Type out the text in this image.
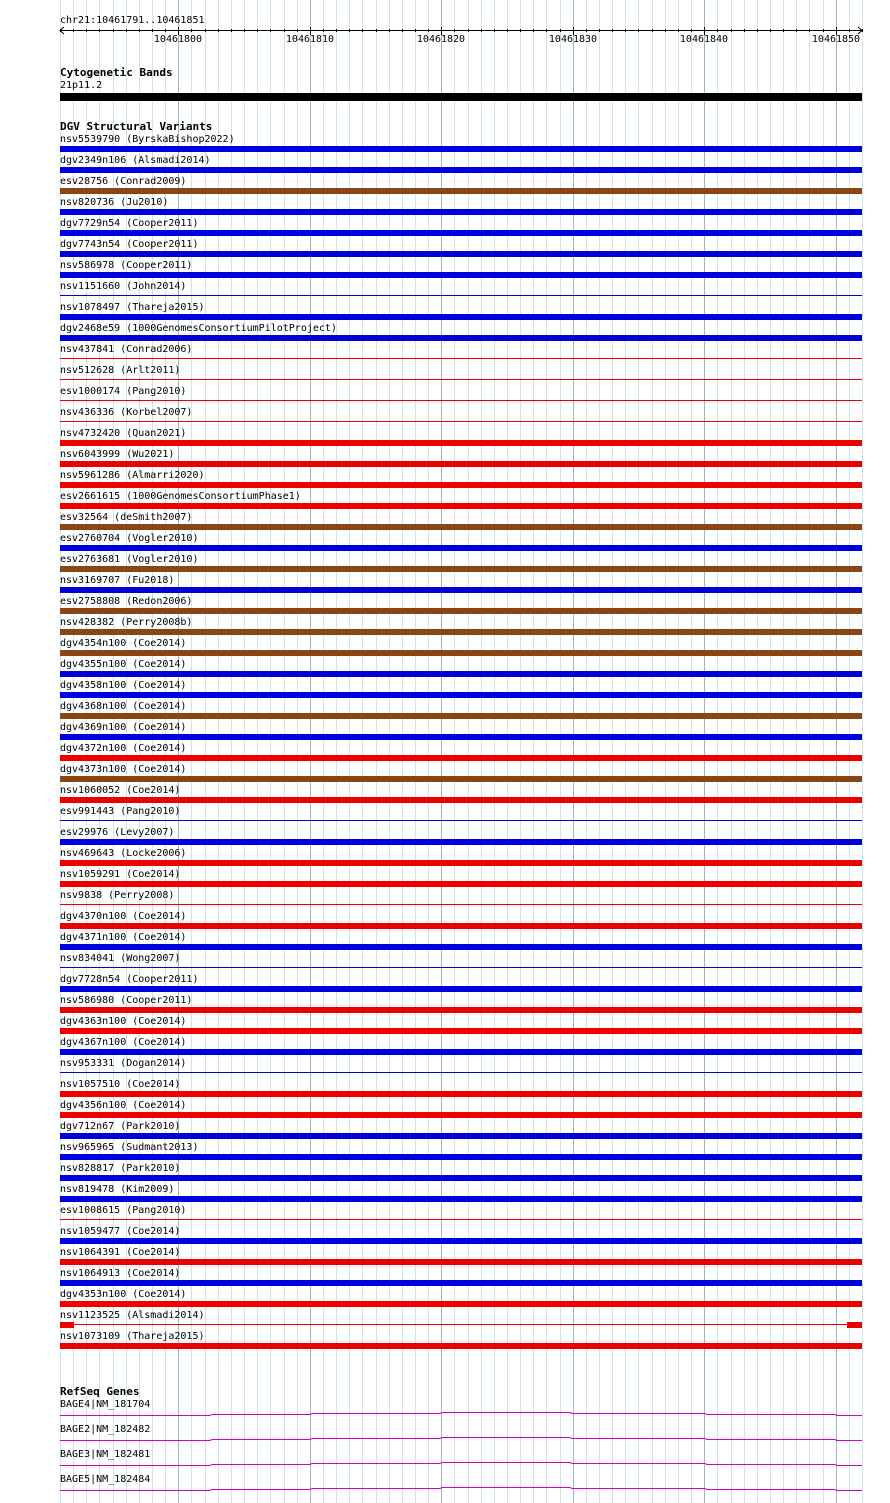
chr21:10461791..10461851
10461800	10461810	10461820	10461830	10461840	10461850
Cytogenetic Bands
21p11.2
DGV Structural Variants
nsv5539790 (ByrskaBishop2022)
dgv2349n106 (Alsmadi2014)
esv28756 (Conrad2009)
nsv820736 (Ju2010)
dgv7729n54 (Cooper2011)
dgv7743n54 (Cooper2011)
nsv586978 (Cooper2011)
nsv1151660 (John2014)
nsv1078497 (Thareja2015)
dgv2468e59 (1000GenomesConsortiumPilotProject)
nsv437841 (Conrad2006)
nsv512628 (Arlt2011)
esv1000174 (Pang2010)
nsv436336 (Korbel2007)
nsv4732420 (Quan2021)
nsv6043999 (Wu2021)
nsv5961286 (Almarri2020)
esv2661615 (1000GenomesConsortiumPhase1)
esv32564 (deSmith2007)
esv2760704 (Vogler2010)
esv2763681 (Vogler2010)
nsv3169707 (Fu2018)
esv2758808 (Redon2006)
nsv428382 (Perry2008b)
dgv4354n100 (Coe2014)
dgv4355n100 (Coe2014)
dgv4358n100 (Coe2014)
dgv4368n100 (Coe2014)
dgv4369n100 (Coe2014)
dgv4372n100 (Coe2014)
dgv4373n100 (Coe2014)
nsv1060052 (Coe2014)
esv991443 (Pang2010)
esv29976 (Levy2007)
nsv469643 (Locke2006)
nsv1059291 (Coe2014)
nsv9838 (Perry2008)
dgv4370n100 (Coe2014)
dgv4371n100 (Coe2014)
nsv834041 (Wong2007)
dgv7728n54 (Cooper2011)
nsv586980 (Cooper2011)
dgv4363n100 (Coe2014)
dgv4367n100 (Coe2014)
nsv953331 (Dogan2014)
nsv1057510 (Coe2014)
dgv4356n100 (Coe2014)
dgv712n67 (Park2010)
nsv965965 (Sudmant2013)
nsv828817 (Park2010)
nsv819478 (Kim2009)
esv1008615 (Pang2010)
nsv1059477 (Coe2014)
nsv1064391 (Coe2014)
nsv1064913 (Coe2014)
dgv4353n100 (Coe2014)
nsv1123525 (Alsmadi2014)
nsv1073109 (Thareja2015)
RefSeq Genes
BAGE4|NM_181704
BAGE2|NM_182482
BAGE3|NM_182481
BAGE5|NM_182484
